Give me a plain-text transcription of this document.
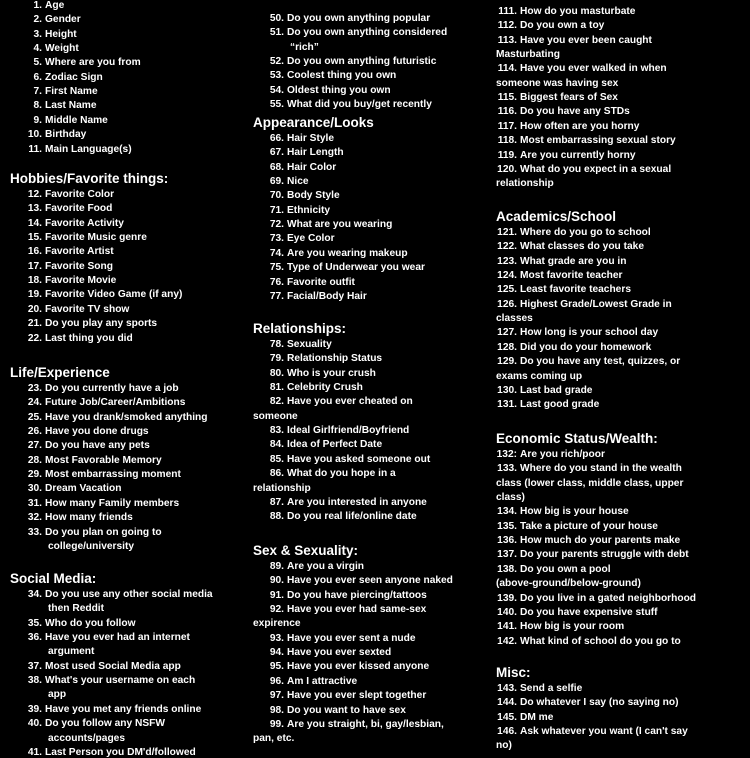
1. Age
2. Gender
3. Height
4. Weight
5. Where are you from
6. Zodiac Sign
7. First Name
8. Last Name
9. Middle Name
10. Birthday
11. Main Language(s)
Hobbies/Favorite things:
12. Favorite Color
13. Favorite Food
14. Favorite Activity
15. Favorite Music genre
16. Favorite Artist
17. Favorite Song
18. Favorite Movie
19. Favorite Video Game (if any)
20. Favorite TV show
21. Do you play any sports
22. Last thing you did
Life/Experience
23. Do you currently have a job
24. Future Job/Career/Ambitions
25. Have you drank/smoked anything
26. Have you done drugs
27. Do you have any pets
28. Most Favorable Memory
29. Most embarrassing moment
30. Dream Vacation
31. How many Family members
32. How many friends
33. Do you plan on going to
college/university
Social Media:
34. Do you use any other social media
then Reddit
35. Who do you follow
36. Have you ever had an internet
argument
37. Most used Social Media app
38. What's your username on each
app
39. Have you met any friends online
40. Do you follow any NSFW
accounts/pages
41. Last Person you DM'd/followed
50. Do you own anything popular
51. Do you own anything considered
“rich”
52. Do you own anything futuristic
53. Coolest thing you own
54. Oldest thing you own
55. What did you buy/get recently
Appearance/Looks
66. Hair Style
67. Hair Length
68. Hair Color
69. Nice
70. Body Style
71. Ethnicity
72. What are you wearing
73. Eye Color
74. Are you wearing makeup
75. Type of Underwear you wear
76. Favorite outfit
77. Facial/Body Hair
Relationships:
78. Sexuality
79. Relationship Status
80. Who is your crush
81. Celebrity Crush
82. Have you ever cheated on
someone
83. Ideal Girlfriend/Boyfriend
84. Idea of Perfect Date
85. Have you asked someone out
86. What do you hope in a
relationship
87. Are you interested in anyone
88. Do you real life/online date
Sex & Sexuality:
89. Are you a virgin
90. Have you ever seen anyone naked
91. Do you have piercing/tattoos
92. Have you ever had same-sex
expirence
93. Have you ever sent a nude
94. Have you ever sexted
95. Have you ever kissed anyone
96. Am I attractive
97. Have you ever slept together
98. Do you want to have sex
99. Are you straight, bi, gay/lesbian,
pan, etc.
111. How do you masturbate
112. Do you own a toy
113. Have you ever been caught
Masturbating
114. Have you ever walked in when
someone was having sex
115. Biggest fears of Sex
116. Do you have any STDs
117. How often are you horny
118. Most embarrassing sexual story
119. Are you currently horny
120. What do you expect in a sexual
relationship
Academics/School
121. Where do you go to school
122. What classes do you take
123. What grade are you in
124. Most favorite teacher
125. Least favorite teachers
126. Highest Grade/Lowest Grade in
classes
127. How long is your school day
128. Did you do your homework
129. Do you have any test, quizzes, or
exams coming up
130. Last bad grade
131. Last good grade
Economic Status/Wealth:
132: Are you rich/poor
133. Where do you stand in the wealth
class (lower class, middle class, upper
class)
134. How big is your house
135. Take a picture of your house
136. How much do your parents make
137. Do your parents struggle with debt
138. Do you own a pool
(above-ground/below-ground)
139. Do you live in a gated neighborhood
140. Do you have expensive stuff
141. How big is your room
142. What kind of school do you go to
Misc:
143. Send a selfie
144. Do whatever I say (no saying no)
145. DM me
146. Ask whatever you want (I can't say
no)
